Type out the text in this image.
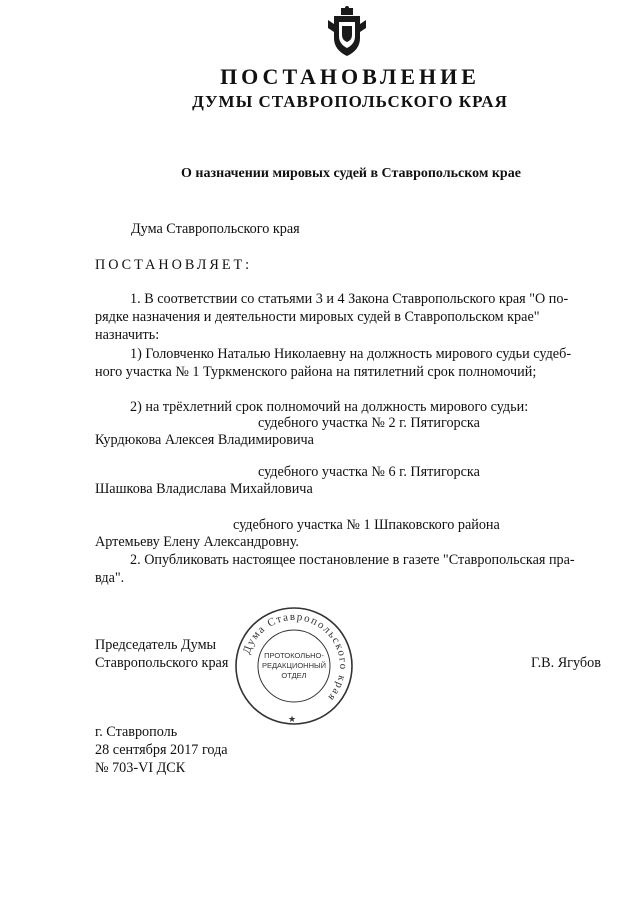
ПОСТАНОВЛЕНИЕ
ДУМЫ СТАВРОПОЛЬСКОГО КРАЯ
О назначении мировых судей в Ставропольском крае
Дума Ставропольского края
ПОСТАНОВЛЯЕТ:
1. В соответствии со статьями 3 и 4 Закона Ставропольского края "О по-
рядке назначения и деятельности мировых судей в Ставропольском крае"
назначить:
1) Головченко Наталью Николаевну на должность мирового судьи судеб-
ного участка № 1 Туркменского района на пятилетний срок полномочий;
2) на трёхлетний срок полномочий на должность мирового судьи:
судебного участка № 2 г. Пятигорска
Курдюкова Алексея Владимировича
судебного участка № 6 г. Пятигорска
Шашкова Владислава Михайловича
судебного участка № 1 Шпаковского района
Артемьеву Елену Александровну.
2. Опубликовать настоящее постановление в газете "Ставропольская пра-
вда".
Председатель Думы
Ставропольского края	Г.В. Ягубов
Дума Ставропольского края
ПРОТОКОЛЬНО-
РЕДАКЦИОННЫЙ
ОТДЕЛ
★
г. Ставрополь
28 сентября 2017 года
№ 703-VI ДСК
